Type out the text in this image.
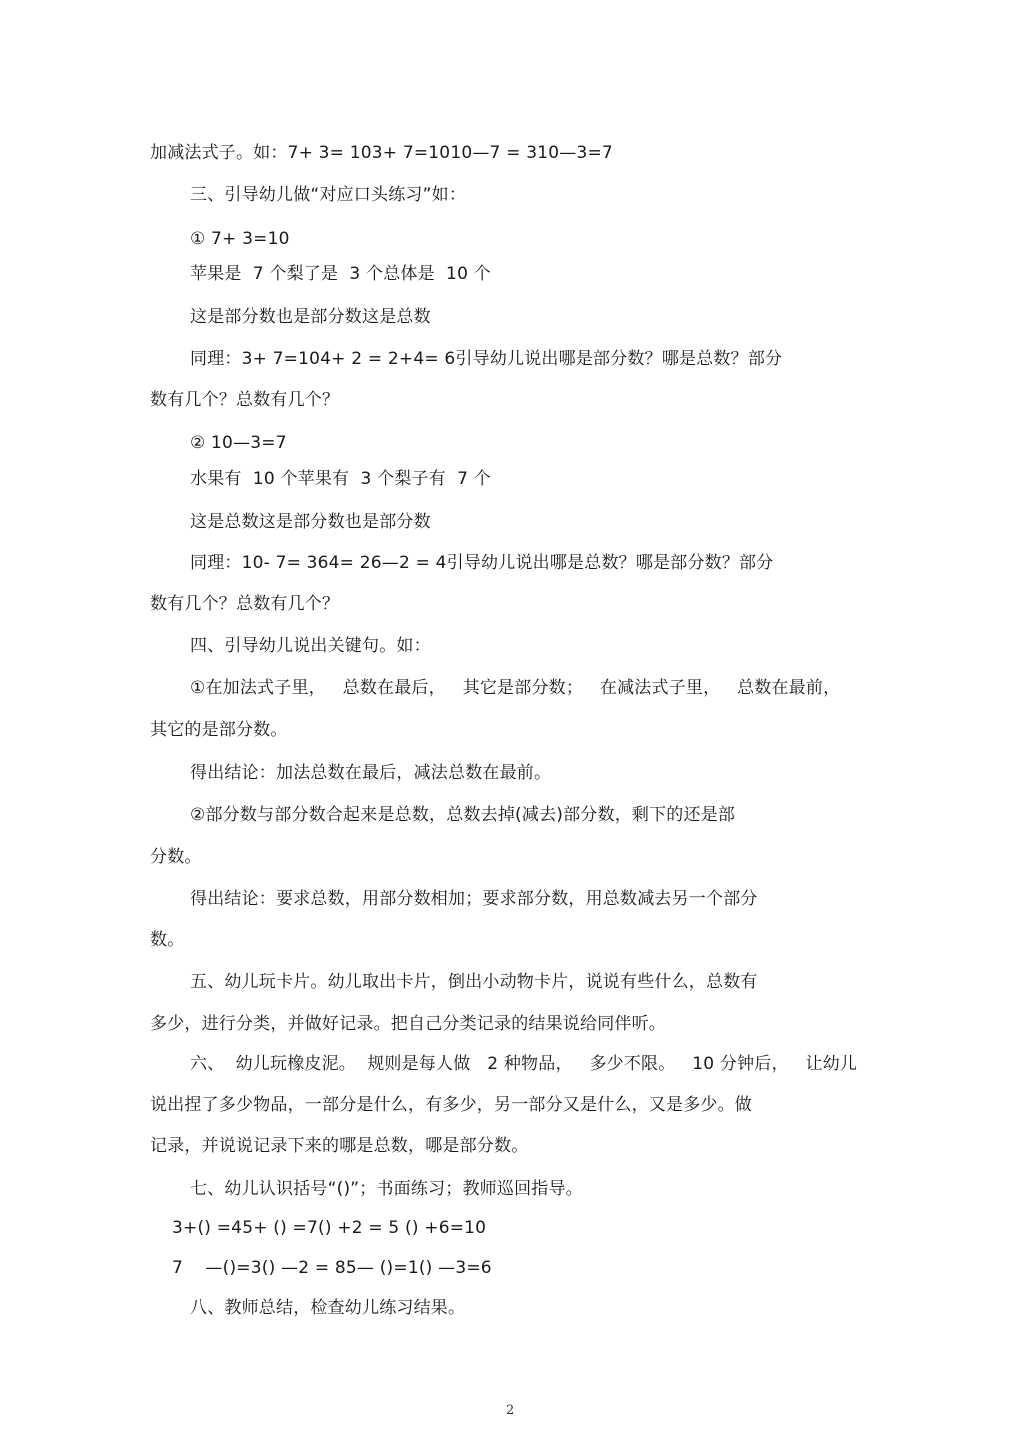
加减法式子。如：7+ 3= 103+ 7=1010—7 = 310—3=7
三、引导幼儿做“对应口头练习”如：
① 7+ 3=10
苹果是  7 个梨了是  3 个总体是  10 个
这是部分数也是部分数这是总数
同理：3+ 7=104+ 2 = 2+4= 6引导幼儿说出哪是部分数？哪是总数？部分
数有几个？总数有几个？
② 10—3=7
水果有  10 个苹果有  3 个梨子有  7 个
这是总数这是部分数也是部分数
同理：10- 7= 364= 26—2 = 4引导幼儿说出哪是总数？哪是部分数？部分
数有几个？总数有几个？
四、引导幼儿说出关键句。如：
①在加法式子里，   总数在最后，   其它是部分数；   在减法式子里，   总数在最前，
其它的是部分数。
得出结论：加法总数在最后，减法总数在最前。
②部分数与部分数合起来是总数，总数去掉(减去)部分数，剩下的还是部
分数。
得出结论：要求总数，用部分数相加；要求部分数，用总数减去另一个部分
数。
五、幼儿玩卡片。幼儿取出卡片，倒出小动物卡片，说说有些什么，总数有
多少，进行分类，并做好记录。把自己分类记录的结果说给同伴听。
六、  幼儿玩橡皮泥。  规则是每人做   2 种物品，   多少不限。   10 分钟后，   让幼儿
说出捏了多少物品，一部分是什么，有多少，另一部分又是什么，又是多少。做
记录，并说说记录下来的哪是总数，哪是部分数。
七、幼儿认识括号“()”；书面练习；教师巡回指导。
3+() =45+ () =7() +2 = 5 () +6=10
7    —()=3() —2 = 85— ()=1() —3=6
八、教师总结，检查幼儿练习结果。
2
